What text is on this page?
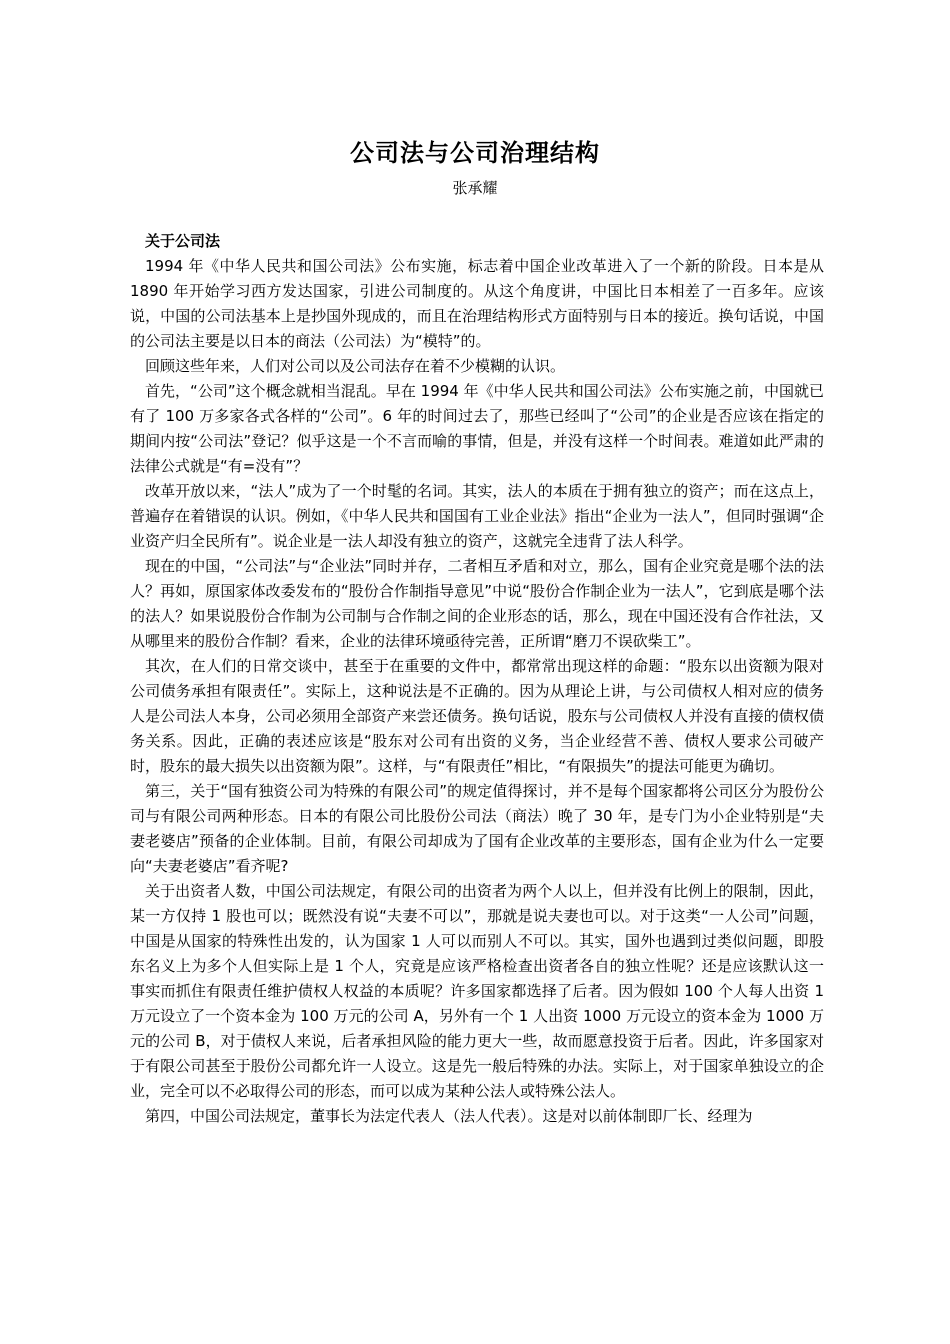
公司法与公司治理结构
张承耀

关于公司法

1994 年《中华人民共和国公司法》公布实施，标志着中国企业改革进入了一个新的阶段。日本是从 1890 年开始学习西方发达国家，引进公司制度的。从这个角度讲，中国比日本相差了一百多年。应该说，中国的公司法基本上是抄国外现成的，而且在治理结构形式方面特别与日本的接近。换句话说，中国的公司法主要是以日本的商法（公司法）为“模特”的。

回顾这些年来，人们对公司以及公司法存在着不少模糊的认识。

首先，“公司”这个概念就相当混乱。早在 1994 年《中华人民共和国公司法》公布实施之前，中国就已有了 100 万多家各式各样的“公司”。6 年的时间过去了，那些已经叫了“公司”的企业是否应该在指定的期间内按“公司法”登记？似乎这是一个不言而喻的事情，但是，并没有这样一个时间表。难道如此严肃的法律公式就是“有=没有”？

改革开放以来，“法人”成为了一个时髦的名词。其实，法人的本质在于拥有独立的资产；而在这点上，普遍存在着错误的认识。例如，《中华人民共和国国有工业企业法》指出“企业为一法人”，但同时强调“企业资产归全民所有”。说企业是一法人却没有独立的资产，这就完全违背了法人科学。

现在的中国，“公司法”与“企业法”同时并存，二者相互矛盾和对立，那么，国有企业究竟是哪个法的法人？再如，原国家体改委发布的“股份合作制指导意见”中说“股份合作制企业为一法人”，它到底是哪个法的法人？如果说股份合作制为公司制与合作制之间的企业形态的话，那么，现在中国还没有合作社法，又从哪里来的股份合作制？看来，企业的法律环境亟待完善，正所谓“磨刀不误砍柴工”。

其次，在人们的日常交谈中，甚至于在重要的文件中，都常常出现这样的命题：“股东以出资额为限对公司债务承担有限责任”。实际上，这种说法是不正确的。因为从理论上讲，与公司债权人相对应的债务人是公司法人本身，公司必须用全部资产来尝还债务。换句话说，股东与公司债权人并没有直接的债权债务关系。因此，正确的表述应该是“股东对公司有出资的义务，当企业经营不善、债权人要求公司破产时，股东的最大损失以出资额为限”。这样，与“有限责任”相比，“有限损失”的提法可能更为确切。

第三，关于“国有独资公司为特殊的有限公司”的规定值得探讨，并不是每个国家都将公司区分为股份公司与有限公司两种形态。日本的有限公司比股份公司法（商法）晚了 30 年，是专门为小企业特别是“夫妻老婆店”预备的企业体制。目前，有限公司却成为了国有企业改革的主要形态，国有企业为什么一定要向“夫妻老婆店”看齐呢?

关于出资者人数，中国公司法规定，有限公司的出资者为两个人以上，但并没有比例上的限制，因此，某一方仅持 1 股也可以；既然没有说“夫妻不可以”，那就是说夫妻也可以。对于这类“一人公司”问题，中国是从国家的特殊性出发的，认为国家 1 人可以而别人不可以。其实，国外也遇到过类似问题，即股东名义上为多个人但实际上是 1 个人，究竟是应该严格检查出资者各自的独立性呢？还是应该默认这一事实而抓住有限责任维护债权人权益的本质呢？许多国家都选择了后者。因为假如 100 个人每人出资 1 万元设立了一个资本金为 100 万元的公司 A，另外有一个 1 人出资 1000 万元设立的资本金为 1000 万元的公司 B，对于债权人来说，后者承担风险的能力更大一些，故而愿意投资于后者。因此，许多国家对于有限公司甚至于股份公司都允许一人设立。这是先一般后特殊的办法。实际上，对于国家单独设立的企业，完全可以不必取得公司的形态，而可以成为某种公法人或特殊公法人。

第四，中国公司法规定，董事长为法定代表人（法人代表）。这是对以前体制即厂长、经理为
